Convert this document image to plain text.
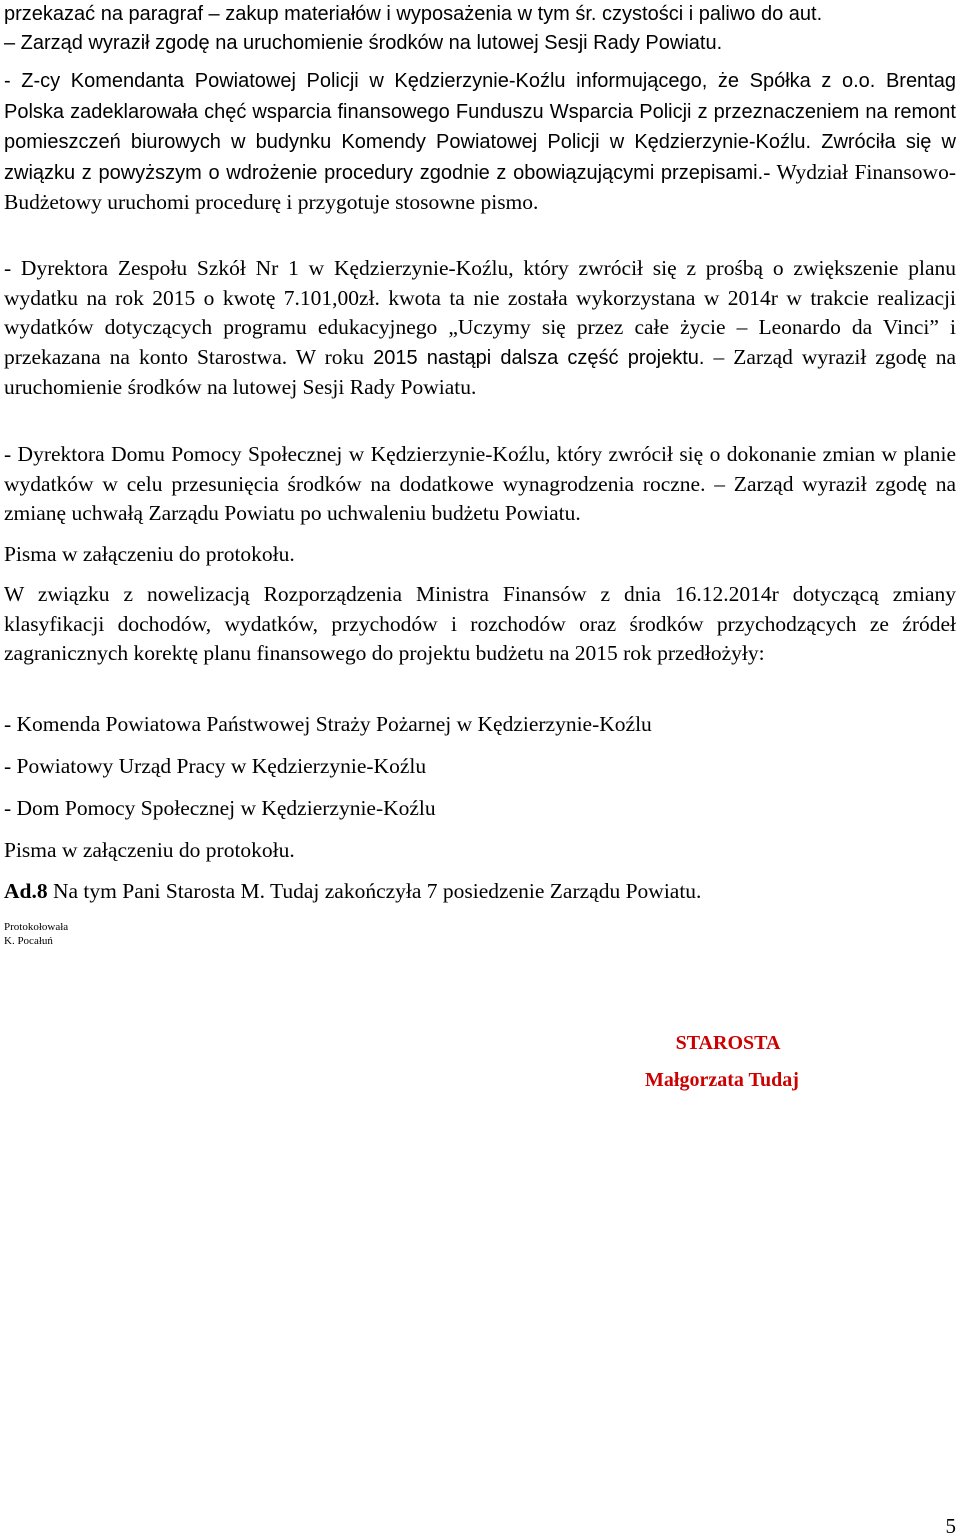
przekazać na paragraf – zakup materiałów i wyposażenia w tym śr. czystości i paliwo do aut.

– Zarząd wyraził zgodę na uruchomienie środków na lutowej Sesji Rady Powiatu.

- Z-cy Komendanta Powiatowej Policji w Kędzierzynie-Koźlu informującego, że Spółka z o.o. Brentag Polska zadeklarowała chęć wsparcia finansowego Funduszu Wsparcia Policji z przeznaczeniem na remont pomieszczeń biurowych w budynku Komendy Powiatowej Policji w Kędzierzynie-Koźlu. Zwróciła się w związku z powyższym o wdrożenie procedury zgodnie z obowiązującymi przepisami.- Wydział Finansowo-Budżetowy uruchomi procedurę i przygotuje stosowne pismo.

- Dyrektora Zespołu Szkół Nr 1 w Kędzierzynie-Koźlu, który zwrócił się z prośbą o zwiększenie planu wydatku na rok 2015 o kwotę 7.101,00zł. kwota ta nie została wykorzystana w 2014r w trakcie realizacji wydatków dotyczących programu edukacyjnego „Uczymy się przez całe życie – Leonardo da Vinci” i przekazana na konto Starostwa. W roku 2015 nastąpi dalsza część projektu. – Zarząd wyraził zgodę na uruchomienie środków na lutowej Sesji Rady Powiatu.

- Dyrektora Domu Pomocy Społecznej w Kędzierzynie-Koźlu, który zwrócił się o dokonanie zmian w planie wydatków w celu przesunięcia środków na dodatkowe wynagrodzenia roczne. – Zarząd wyraził zgodę na zmianę uchwałą Zarządu Powiatu po uchwaleniu budżetu Powiatu.

Pisma w załączeniu do protokołu.

W związku z nowelizacją Rozporządzenia Ministra Finansów z dnia 16.12.2014r dotyczącą zmiany klasyfikacji dochodów, wydatków, przychodów i rozchodów oraz środków przychodzących ze źródeł zagranicznych korektę planu finansowego do projektu budżetu na 2015 rok przedłożyły:

- Komenda Powiatowa Państwowej Straży Pożarnej w Kędzierzynie-Koźlu

- Powiatowy Urząd Pracy w Kędzierzynie-Koźlu

- Dom Pomocy Społecznej w Kędzierzynie-Koźlu

Pisma w załączeniu do protokołu.

Ad.8 Na tym Pani Starosta M. Tudaj zakończyła 7 posiedzenie Zarządu Powiatu.

Protokołowała

K. Pocałuń

STAROSTA

Małgorzata Tudaj

5
